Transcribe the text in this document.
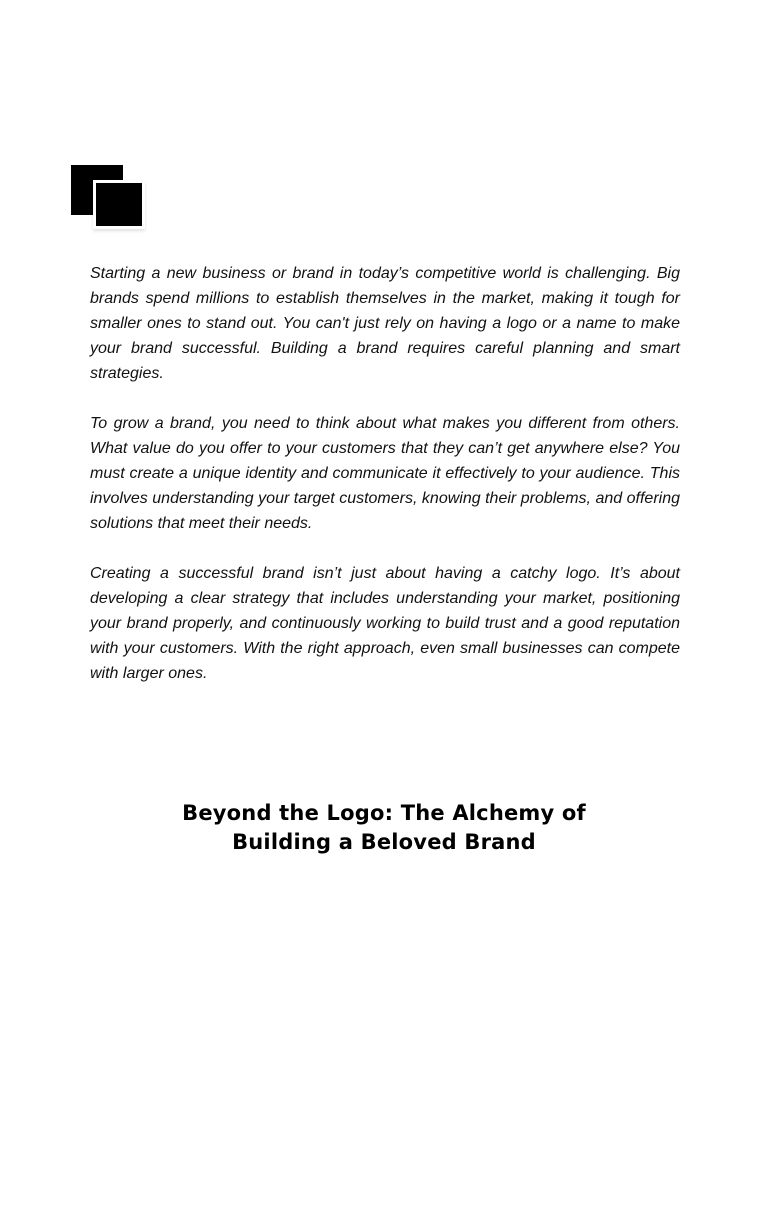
Starting a new business or brand in today’s competitive world is challenging. Big brands spend millions to establish themselves in the market, making it tough for smaller ones to stand out. You can't just rely on having a logo or a name to make your brand successful. Building a brand requires careful planning and smart strategies.

To grow a brand, you need to think about what makes you different from others. What value do you offer to your customers that they can’t get anywhere else? You must create a unique identity and communicate it effectively to your audience. This involves understanding your target customers, knowing their problems, and offering solutions that meet their needs.

Creating a successful brand isn’t just about having a catchy logo. It’s about developing a clear strategy that includes understanding your market, positioning your brand properly, and continuously working to build trust and a good reputation with your customers. With the right approach, even small businesses can compete with larger ones.

Beyond the Logo: The Alchemy of
Building a Beloved Brand
